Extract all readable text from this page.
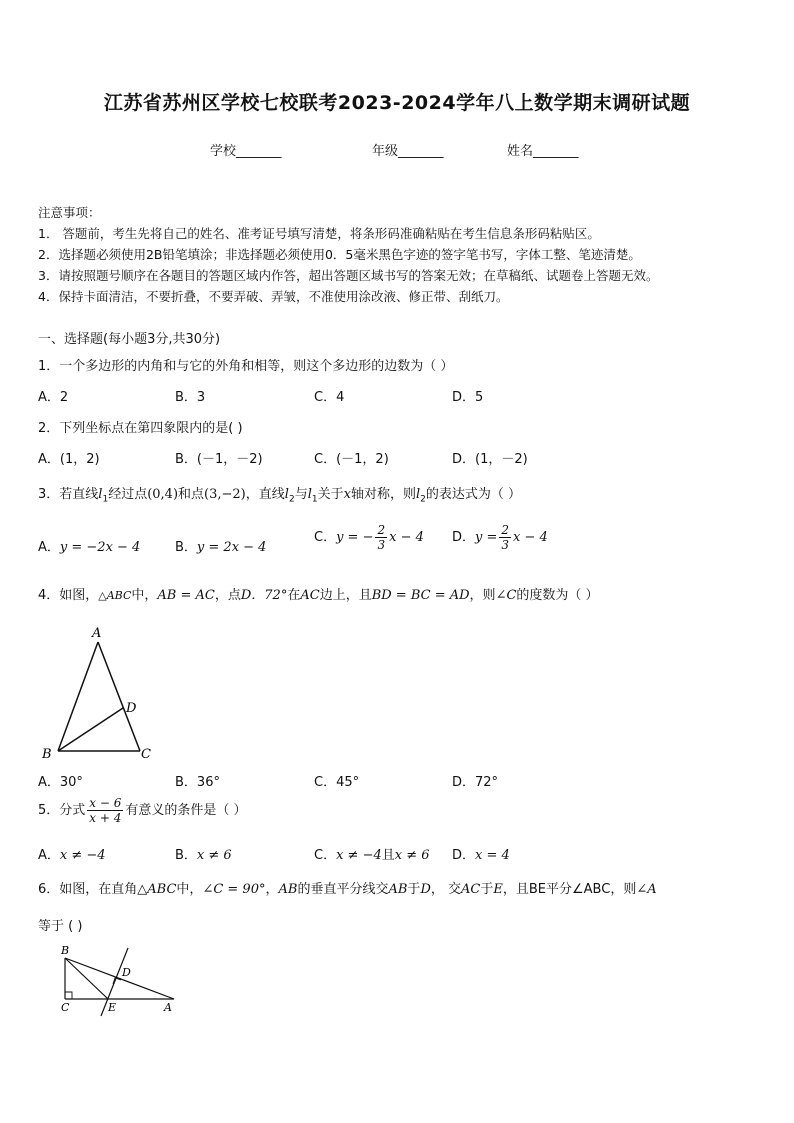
江苏省苏州区学校七校联考2023-2024学年八上数学期末调研试题
学校_______	年级_______	姓名_______
注意事项：
1． 答题前，考生先将自己的姓名、准考证号填写清楚，将条形码准确粘贴在考生信息条形码粘贴区。
2．选择题必须使用2B铅笔填涂；非选择题必须使用0．5毫米黑色字迹的签字笔书写，字体工整、笔迹清楚。
3．请按照题号顺序在各题目的答题区域内作答，超出答题区域书写的答案无效；在草稿纸、试题卷上答题无效。
4．保持卡面清洁，不要折叠，不要弄破、弄皱，不准使用涂改液、修正带、刮纸刀。
一、选择题(每小题3分,共30分)
1．一个多边形的内角和与它的外角和相等，则这个多边形的边数为（ ）
A．2	B．3	C．4	D．5
2．下列坐标点在第四象限内的是( )
A．(1，2)	B．(－1，－2)	C．(－1，2)	D．(1，－2)
3．若直线$l_1$经过点(0,4)和点(3,−2)，直线$l_2$与$l_1$关于x轴对称，则$l_2$的表达式为（ ）
A．y = −2x − 4	B．y = 2x − 4
C．y = − $\frac{2}{3}$ x − 4 D．$y = \frac{2}{3}$ x − 4
4．如图，△ABC中，AB = AC，点D．72°在AC边上，且BD = BC = AD，则∠C的度数为（ ）
A
B	C
D
A．30°	B．36°	C．45°	D．72°
5．分式 $\frac{x - 6}{x + 4}$ 有意义的条件是（ ）
A．x ≠ −4	B．x ≠ 6	C．x ≠ −4且x ≠ 6 D．x = 4
6．如图，在直角△ABC中，∠C = 90°，AB的垂直平分线交AB于D， 交AC于E，且BE平分∠ABC，则∠A
等于 ( )
B
C
D
E	A
